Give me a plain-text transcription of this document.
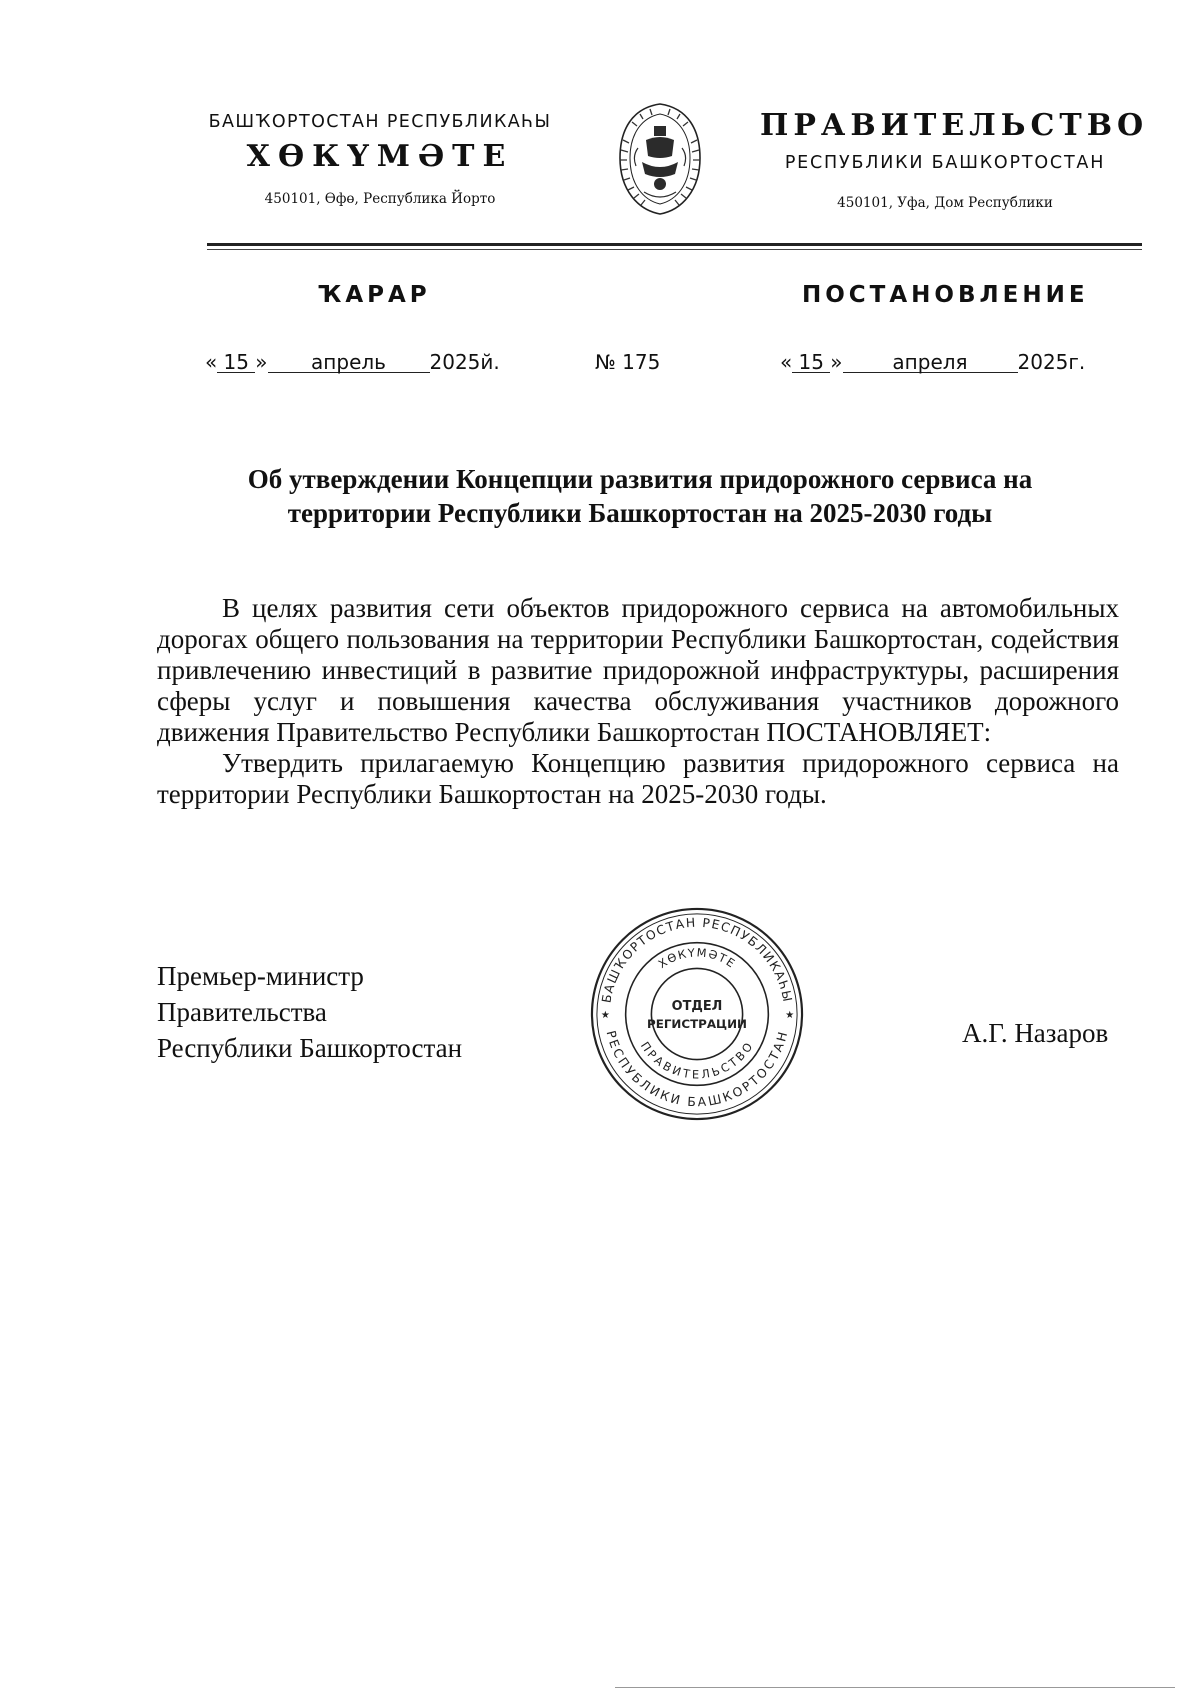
БАШҠОРТОСТАН РЕСПУБЛИКАҺЫ
ХӨКҮМӘТЕ
450101, Өфө, Республика Йорто
ПРАВИТЕЛЬСТВО
РЕСПУБЛИКИ БАШКОРТОСТАН
450101, Уфа, Дом Республики
ҠАРАР	ПОСТАНОВЛЕНИЕ
« 15 » апрель 2025й.	№ 175	« 15 » апреля 2025г.
Об утверждении Концепции развития придорожного сервиса на
территории Республики Башкортостан на 2025-2030 годы

В целях развития сети объектов придорожного сервиса на автомобильных дорогах общего пользования на территории Республики Башкортостан, содействия привлечению инвестиций в развитие придорожной инфраструктуры, расширения сферы услуг и повышения качества обслуживания участников дорожного движения Правительство Республики Башкортостан ПОСТАНОВЛЯЕТ:

Утвердить прилагаемую Концепцию развития придорожного сервиса на территории Республики Башкортостан на 2025-2030 годы.

Премьер-министр
Правительства
Республики Башкортостан
БАШҠОРТОСТАН РЕСПУБЛИКАҺЫ
РЕСПУБЛИКИ БАШКОРТОСТАН
ХӨКҮМӘТЕ
ПРАВИТЕЛЬСТВО
★	★
ОТДЕЛ
РЕГИСТРАЦИИ	А.Г. Назаров
